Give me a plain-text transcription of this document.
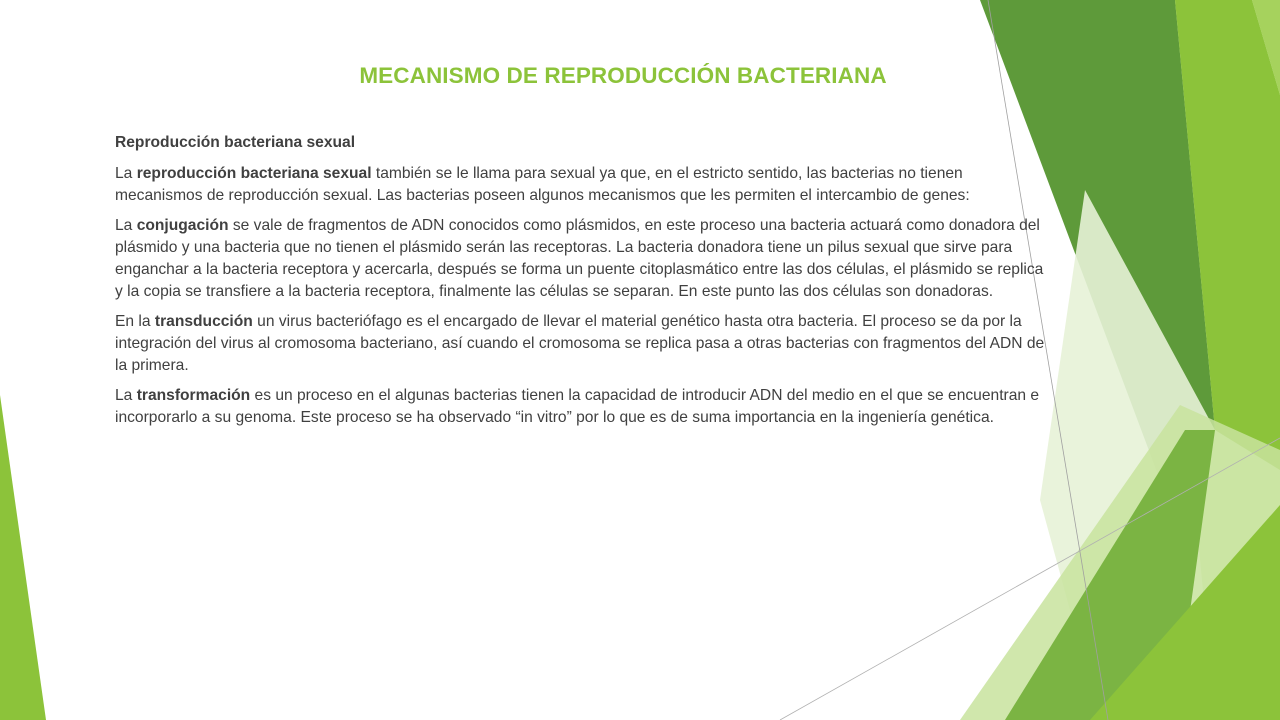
MECANISMO DE REPRODUCCIÓN BACTERIANA

Reproducción bacteriana sexual

La reproducción bacteriana sexual también se le llama para sexual ya que, en el estricto sentido, las bacterias no tienen mecanismos de reproducción sexual. Las bacterias poseen algunos mecanismos que les permiten el intercambio de genes:

La conjugación se vale de fragmentos de ADN conocidos como plásmidos, en este proceso una bacteria actuará como donadora del plásmido y una bacteria que no tienen el plásmido serán las receptoras. La bacteria donadora tiene un pilus sexual que sirve para enganchar a la bacteria receptora y acercarla, después se forma un puente citoplasmático entre las dos células, el plásmido se replica y la copia se transfiere a la bacteria receptora, finalmente las células se separan. En este punto las dos células son donadoras.

En la transducción un virus bacteriófago es el encargado de llevar el material genético hasta otra bacteria. El proceso se da por la integración del virus al cromosoma bacteriano, así cuando el cromosoma se replica pasa a otras bacterias con fragmentos del ADN de la primera.

La transformación es un proceso en el algunas bacterias tienen la capacidad de introducir ADN del medio en el que se encuentran e incorporarlo a su genoma. Este proceso se ha observado “in vitro” por lo que es de suma importancia en la ingeniería genética.
